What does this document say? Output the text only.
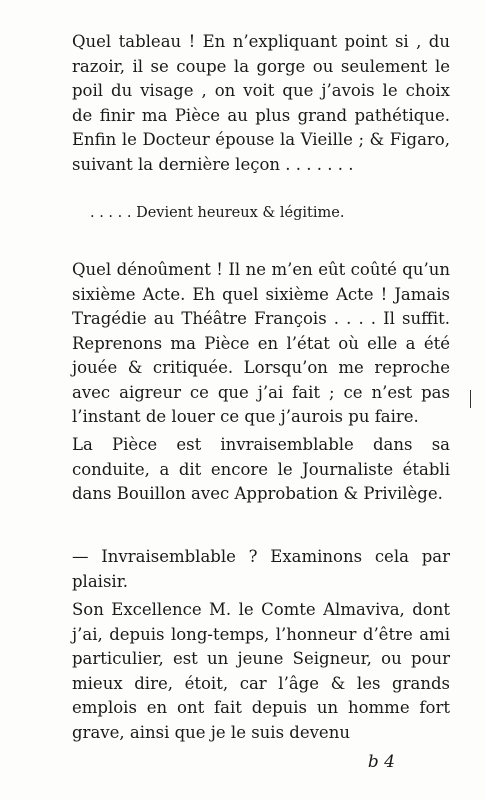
Quel tableau ! En n’expliquant point si , du razoir, il se coupe la gorge ou seulement le poil du visage , on voit que j’avois le choix de finir ma Pièce au plus grand pathétique. Enfin le Docteur épouse la Vieille ; & Figaro, suivant la dernière leçon . . . . . . .

. . . . . Devient heureux & légitime.

Quel dénoûment ! Il ne m’en eût coûté qu’un sixième Acte. Eh quel sixième Acte ! Jamais Tragédie au Théâtre François . . . . Il suffit. Reprenons ma Pièce en l’état où elle a été jouée & critiquée. Lorsqu’on me reproche avec aigreur ce que j’ai fait ; ce n’est pas l’instant de louer ce que j’aurois pu faire.

La Pièce est invraisemblable dans sa conduite, a dit encore le Journaliste établi dans Bouillon avec Approbation & Privilège.

— Invraisemblable ? Examinons cela par plaisir.

Son Excellence M. le Comte Almaviva, dont j’ai, depuis long-temps, l’honneur d’être ami particulier, est un jeune Seigneur, ou pour mieux dire, étoit, car l’âge & les grands emplois en ont fait depuis un homme fort grave, ainsi que je le suis devenu

b 4
